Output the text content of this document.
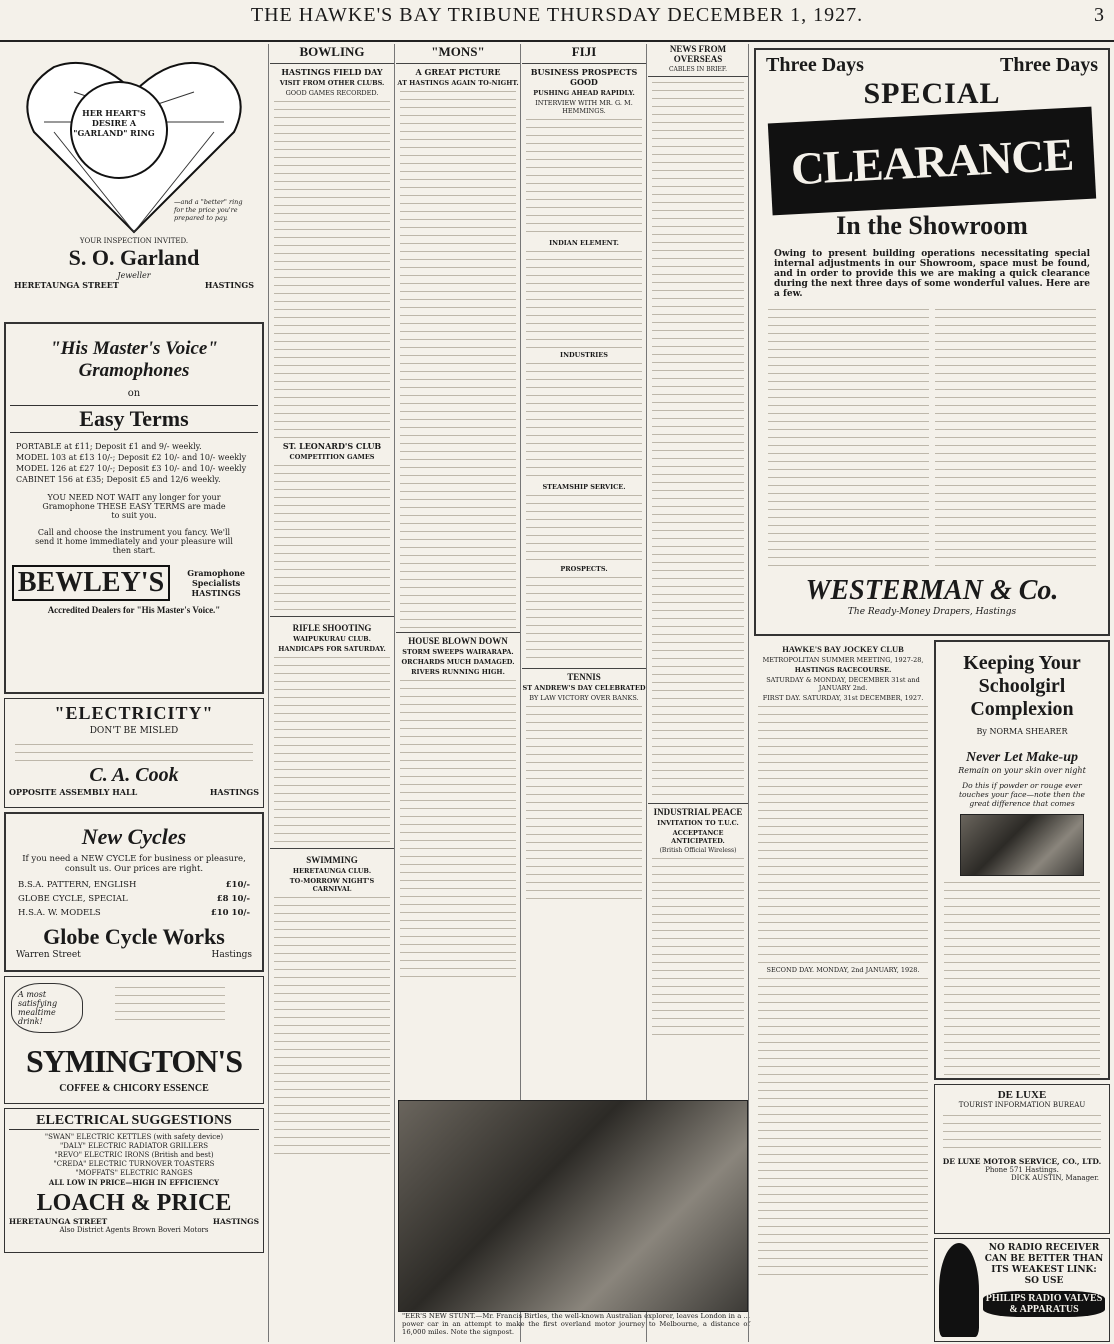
THE HAWKE'S BAY TRIBUNE THURSDAY DECEMBER 1, 1927.	3
HER HEART'S DESIRE A "GARLAND" RING
—and a "better" ring for the price you're prepared to pay.
YOUR INSPECTION INVITED.
S. O. Garland
Jeweller
HERETAUNGA STREET	HASTINGS
"His Master's Voice" Gramophones
on
Easy Terms
PORTABLE at £11; Deposit £1 and 9/- weekly.
MODEL 103 at £13 10/-; Deposit £2 10/- and 10/- weekly
MODEL 126 at £27 10/-; Deposit £3 10/- and 10/- weekly
CABINET 156 at £35; Deposit £5 and 12/6 weekly.
YOU NEED NOT WAIT any longer for your Gramophone THESE EASY TERMS are made to suit you.
Call and choose the instrument you fancy. We'll send it home immediately and your pleasure will then start.
BEWLEY'S	Gramophone Specialists HASTINGS
Accredited Dealers for "His Master's Voice."
"ELECTRICITY"
DON'T BE MISLED
C. A. Cook
OPPOSITE ASSEMBLY HALL	HASTINGS
New Cycles
If you need a NEW CYCLE for business or pleasure, consult us. Our prices are right.
B.S.A. PATTERN, ENGLISH	£10/-
GLOBE CYCLE, SPECIAL	£8 10/-
H.S.A. W. MODELS	£10 10/-
Globe Cycle Works
Warren Street	Hastings
A most satisfying mealtime drink!
SYMINGTON'S
COFFEE & CHICORY ESSENCE
ELECTRICAL SUGGESTIONS
"SWAN" ELECTRIC KETTLES (with safety device)
"DALY" ELECTRIC RADIATOR GRILLERS
"REVO" ELECTRIC IRONS (British and best)
"CREDA" ELECTRIC TURNOVER TOASTERS
"MOFFATS" ELECTRIC RANGES
ALL LOW IN PRICE—HIGH IN EFFICIENCY
LOACH & PRICE
HERETAUNGA STREET	HASTINGS
Also District Agents Brown Boveri Motors
BOWLING
HASTINGS FIELD DAY
VISIT FROM OTHER CLUBS.
GOOD GAMES RECORDED.
ST. LEONARD'S CLUB
COMPETITION GAMES
RIFLE SHOOTING
WAIPUKURAU CLUB.
HANDICAPS FOR SATURDAY.
SWIMMING
HERETAUNGA CLUB.
TO-MORROW NIGHT'S CARNIVAL
"MONS"
A GREAT PICTURE
AT HASTINGS AGAIN TO-NIGHT.
HOUSE BLOWN DOWN
STORM SWEEPS WAIRARAPA.
ORCHARDS MUCH DAMAGED.
RIVERS RUNNING HIGH.
FIJI
BUSINESS PROSPECTS GOOD
PUSHING AHEAD RAPIDLY.
INTERVIEW WITH MR. G. M. HEMMINGS.
INDIAN ELEMENT.
INDUSTRIES
STEAMSHIP SERVICE.
PROSPECTS.
TENNIS
ST ANDREW'S DAY CELEBRATED
BY LAW VICTORY OVER BANKS.
"EER'S NEW STUNT.—Mr. Francis Birtles, the well-known Australian explorer, leaves London in a ... power car in an attempt to make the first overland motor journey to Melbourne, a distance of 16,000 miles. Note the signpost.
NEWS FROM OVERSEAS
CABLES IN BRIEF.
INDUSTRIAL PEACE
INVITATION TO T.U.C.
ACCEPTANCE ANTICIPATED.
(British Official Wireless)
Three Days	Three Days
SPECIAL
CLEARANCE
In the Showroom
Owing to present building operations necessitating special internal adjustments in our Showroom, space must be found, and in order to provide this we are making a quick clearance during the next three days of some wonderful values. Here are a few.
WESTERMAN & Co.
The Ready-Money Drapers, Hastings
HAWKE'S BAY JOCKEY CLUB
METROPOLITAN SUMMER MEETING, 1927-28,
HASTINGS RACECOURSE.
SATURDAY & MONDAY, DECEMBER 31st and JANUARY 2nd.
FIRST DAY. SATURDAY, 31st DECEMBER, 1927.
SECOND DAY. MONDAY, 2nd JANUARY, 1928.
Keeping Your Schoolgirl Complexion
By NORMA SHEARER
Never Let Make-up
Remain on your skin over night
Do this if powder or rouge ever touches your face—note then the great difference that comes
DE LUXE
TOURIST INFORMATION BUREAU
DE LUXE MOTOR SERVICE, CO., LTD.
Phone 571 Hastings.
DICK AUSTIN, Manager.
NO RADIO RECEIVER CAN BE BETTER THAN ITS WEAKEST LINK: SO USE
PHILIPS RADIO VALVES & APPARATUS
